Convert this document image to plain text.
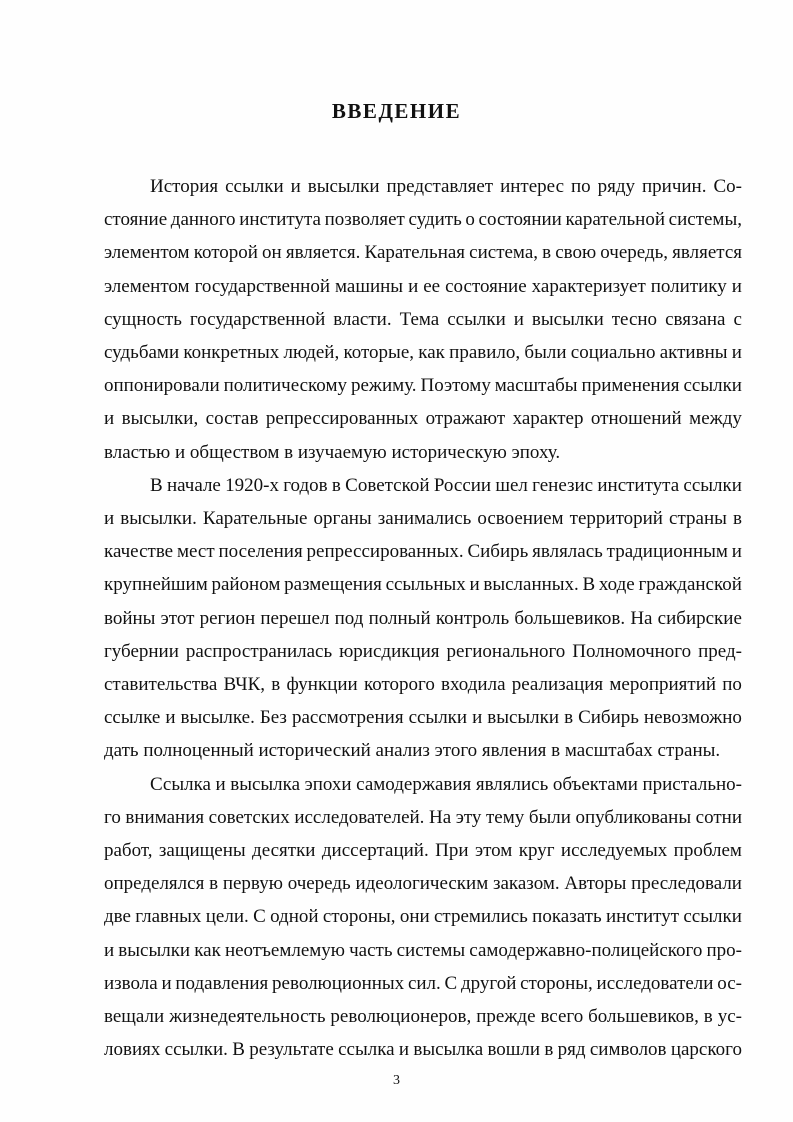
ВВЕДЕНИЕ
История ссылки и высылки представляет интерес по ряду причин. Со-
стояние данного института позволяет судить о состоянии карательной системы,
элементом которой он является. Карательная система, в свою очередь, является
элементом государственной машины и ее состояние характеризует политику и
сущность государственной власти. Тема ссылки и высылки тесно связана с
судьбами конкретных людей, которые, как правило, были социально активны и
оппонировали политическому режиму. Поэтому масштабы применения ссылки
и высылки, состав репрессированных отражают характер отношений между
властью и обществом в изучаемую историческую эпоху.
В начале 1920-х годов в Советской России шел генезис института ссылки
и высылки. Карательные органы занимались освоением территорий страны в
качестве мест поселения репрессированных. Сибирь являлась традиционным и
крупнейшим районом размещения ссыльных и высланных. В ходе гражданской
войны этот регион перешел под полный контроль большевиков. На сибирские
губернии распространилась юрисдикция регионального Полномочного пред-
ставительства ВЧК, в функции которого входила реализация мероприятий по
ссылке и высылке. Без рассмотрения ссылки и высылки в Сибирь невозможно
дать полноценный исторический анализ этого явления в масштабах страны.
Ссылка и высылка эпохи самодержавия являлись объектами пристально-
го внимания советских исследователей. На эту тему были опубликованы сотни
работ, защищены десятки диссертаций. При этом круг исследуемых проблем
определялся в первую очередь идеологическим заказом. Авторы преследовали
две главных цели. С одной стороны, они стремились показать институт ссылки
и высылки как неотъемлемую часть системы самодержавно-полицейского про-
извола и подавления революционных сил. С другой стороны, исследователи ос-
вещали жизнедеятельность революционеров, прежде всего большевиков, в ус-
ловиях ссылки. В результате ссылка и высылка вошли в ряд символов царского
3
